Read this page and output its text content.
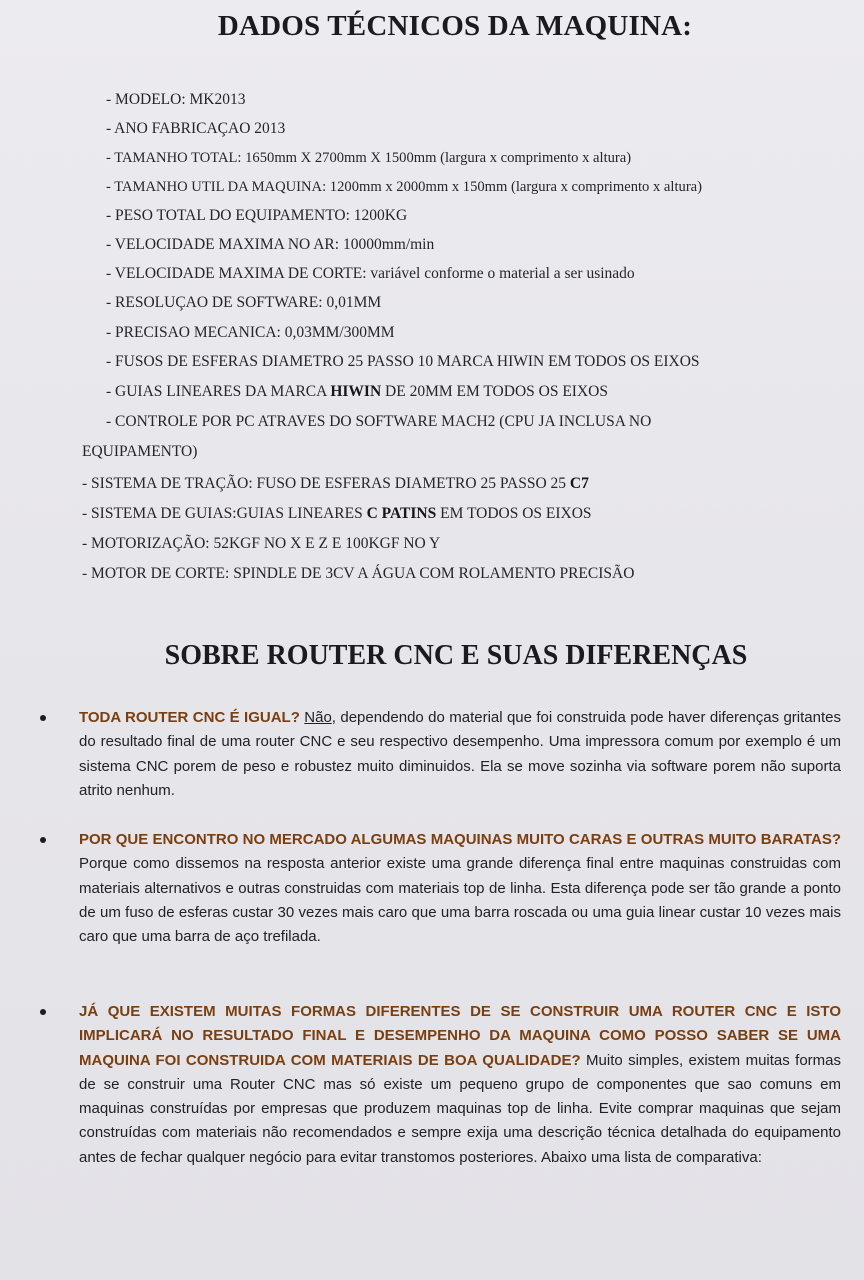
DADOS TÉCNICOS DA MAQUINA:
- MODELO: MK2013
- ANO FABRICAÇAO 2013
- TAMANHO TOTAL: 1650mm X 2700mm X 1500mm (largura x comprimento x altura)
- TAMANHO UTIL DA MAQUINA: 1200mm x 2000mm x 150mm (largura x comprimento x altura)
- PESO TOTAL DO EQUIPAMENTO: 1200KG
- VELOCIDADE MAXIMA NO AR: 10000mm/min
- VELOCIDADE MAXIMA DE CORTE: variável conforme o material a ser usinado
- RESOLUÇAO DE SOFTWARE: 0,01MM
- PRECISAO MECANICA: 0,03MM/300MM
- FUSOS DE ESFERAS DIAMETRO 25 PASSO 10 MARCA HIWIN EM TODOS OS EIXOS
- GUIAS LINEARES DA MARCA HIWIN DE 20MM EM TODOS OS EIXOS
- CONTROLE POR PC ATRAVES DO SOFTWARE MACH2 (CPU JA INCLUSA NO
EQUIPAMENTO)
- SISTEMA DE TRAÇÃO: FUSO DE ESFERAS DIAMETRO 25 PASSO 25 C7
- SISTEMA DE GUIAS:GUIAS LINEARES C PATINS EM TODOS OS EIXOS
- MOTORIZAÇÃO: 52KGF NO X E Z E 100KGF NO Y
- MOTOR DE CORTE: SPINDLE DE 3CV A ÁGUA COM ROLAMENTO PRECISÃO
SOBRE ROUTER CNC E SUAS DIFERENÇAS

TODA ROUTER CNC É IGUAL? Não, dependendo do material que foi construida pode haver diferenças gritantes do resultado final de uma router CNC e seu respectivo desempenho. Uma impressora comum por exemplo é um sistema CNC porem de peso e robustez muito diminuidos. Ela se move sozinha via software porem não suporta atrito nenhum.

POR QUE ENCONTRO NO MERCADO ALGUMAS MAQUINAS MUITO CARAS E OUTRAS MUITO BARATAS?Porque como dissemos na resposta anterior existe uma grande diferença final entre maquinas construidas com materiais alternativos e outras construidas com materiais top de linha. Esta diferença pode ser tão grande a ponto de um fuso de esferas custar 30 vezes mais caro que uma barra roscada ou uma guia linear custar 10 vezes mais caro que uma barra de aço trefilada.

JÁ QUE EXISTEM MUITAS FORMAS DIFERENTES DE SE CONSTRUIR UMA ROUTER CNC E ISTO IMPLICARÁ NO RESULTADO FINAL E DESEMPENHO DA MAQUINA COMO POSSO SABER SE UMA MAQUINA FOI CONSTRUIDA COM MATERIAIS DE BOA QUALIDADE? Muito simples, existem muitas formas de se construir uma Router CNC mas só existe um pequeno grupo de componentes que sao comuns em maquinas construídas por empresas que produzem maquinas top de linha. Evite comprar maquinas que sejam construídas com materiais não recomendados e sempre exija uma descrição técnica detalhada do equipamento antes de fechar qualquer negócio para evitar transtomos posteriores. Abaixo uma lista de comparativa:
